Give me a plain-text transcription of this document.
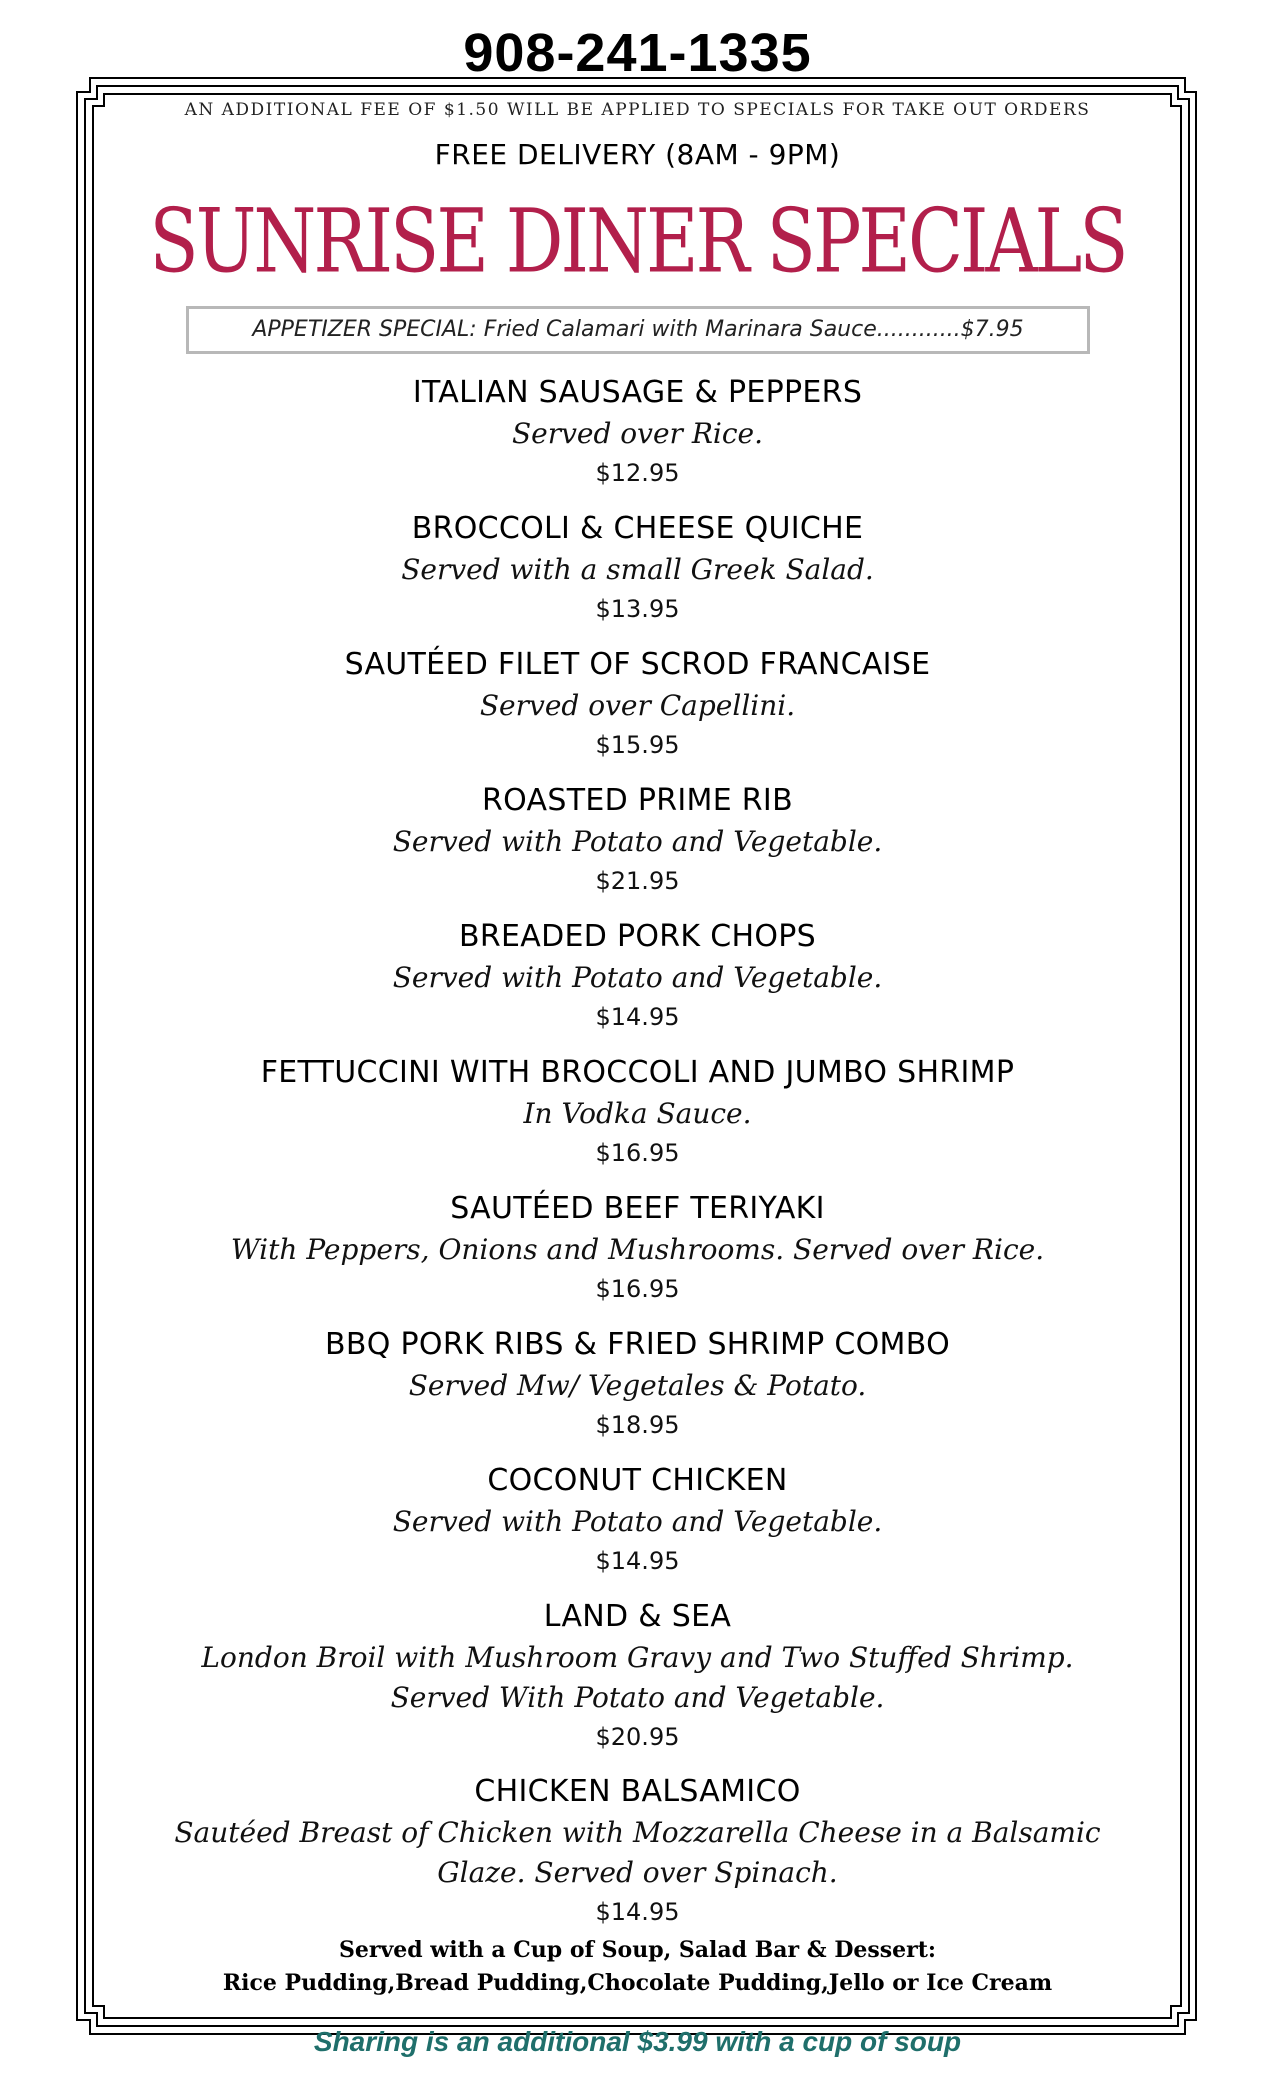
908-241-1335
AN ADDITIONAL FEE OF $1.50 WILL BE APPLIED TO SPECIALS FOR TAKE OUT ORDERS
FREE DELIVERY (8AM - 9PM)
SUNRISE DINER SPECIALS
APPETIZER SPECIAL: Fried Calamari with Marinara Sauce............$7.95
ITALIAN SAUSAGE & PEPPERS
Served over Rice.
$12.95
BROCCOLI & CHEESE QUICHE
Served with a small Greek Salad.
$13.95
SAUTÉED FILET OF SCROD FRANCAISE
Served over Capellini.
$15.95
ROASTED PRIME RIB
Served with Potato and Vegetable.
$21.95
BREADED PORK CHOPS
Served with Potato and Vegetable.
$14.95
FETTUCCINI WITH BROCCOLI AND JUMBO SHRIMP
In Vodka Sauce.
$16.95
SAUTÉED BEEF TERIYAKI
With Peppers, Onions and Mushrooms. Served over Rice.
$16.95
BBQ PORK RIBS & FRIED SHRIMP COMBO
Served Mw/ Vegetales & Potato.
$18.95
COCONUT CHICKEN
Served with Potato and Vegetable.
$14.95
LAND & SEA
London Broil with Mushroom Gravy and Two Stuffed Shrimp.
Served With Potato and Vegetable.
$20.95
CHICKEN BALSAMICO
Sautéed Breast of Chicken with Mozzarella Cheese in a Balsamic
Glaze. Served over Spinach.
$14.95
Served with a Cup of Soup, Salad Bar & Dessert:
Rice Pudding,Bread Pudding,Chocolate Pudding,Jello or Ice Cream
Sharing is an additional $3.99 with a cup of soup
